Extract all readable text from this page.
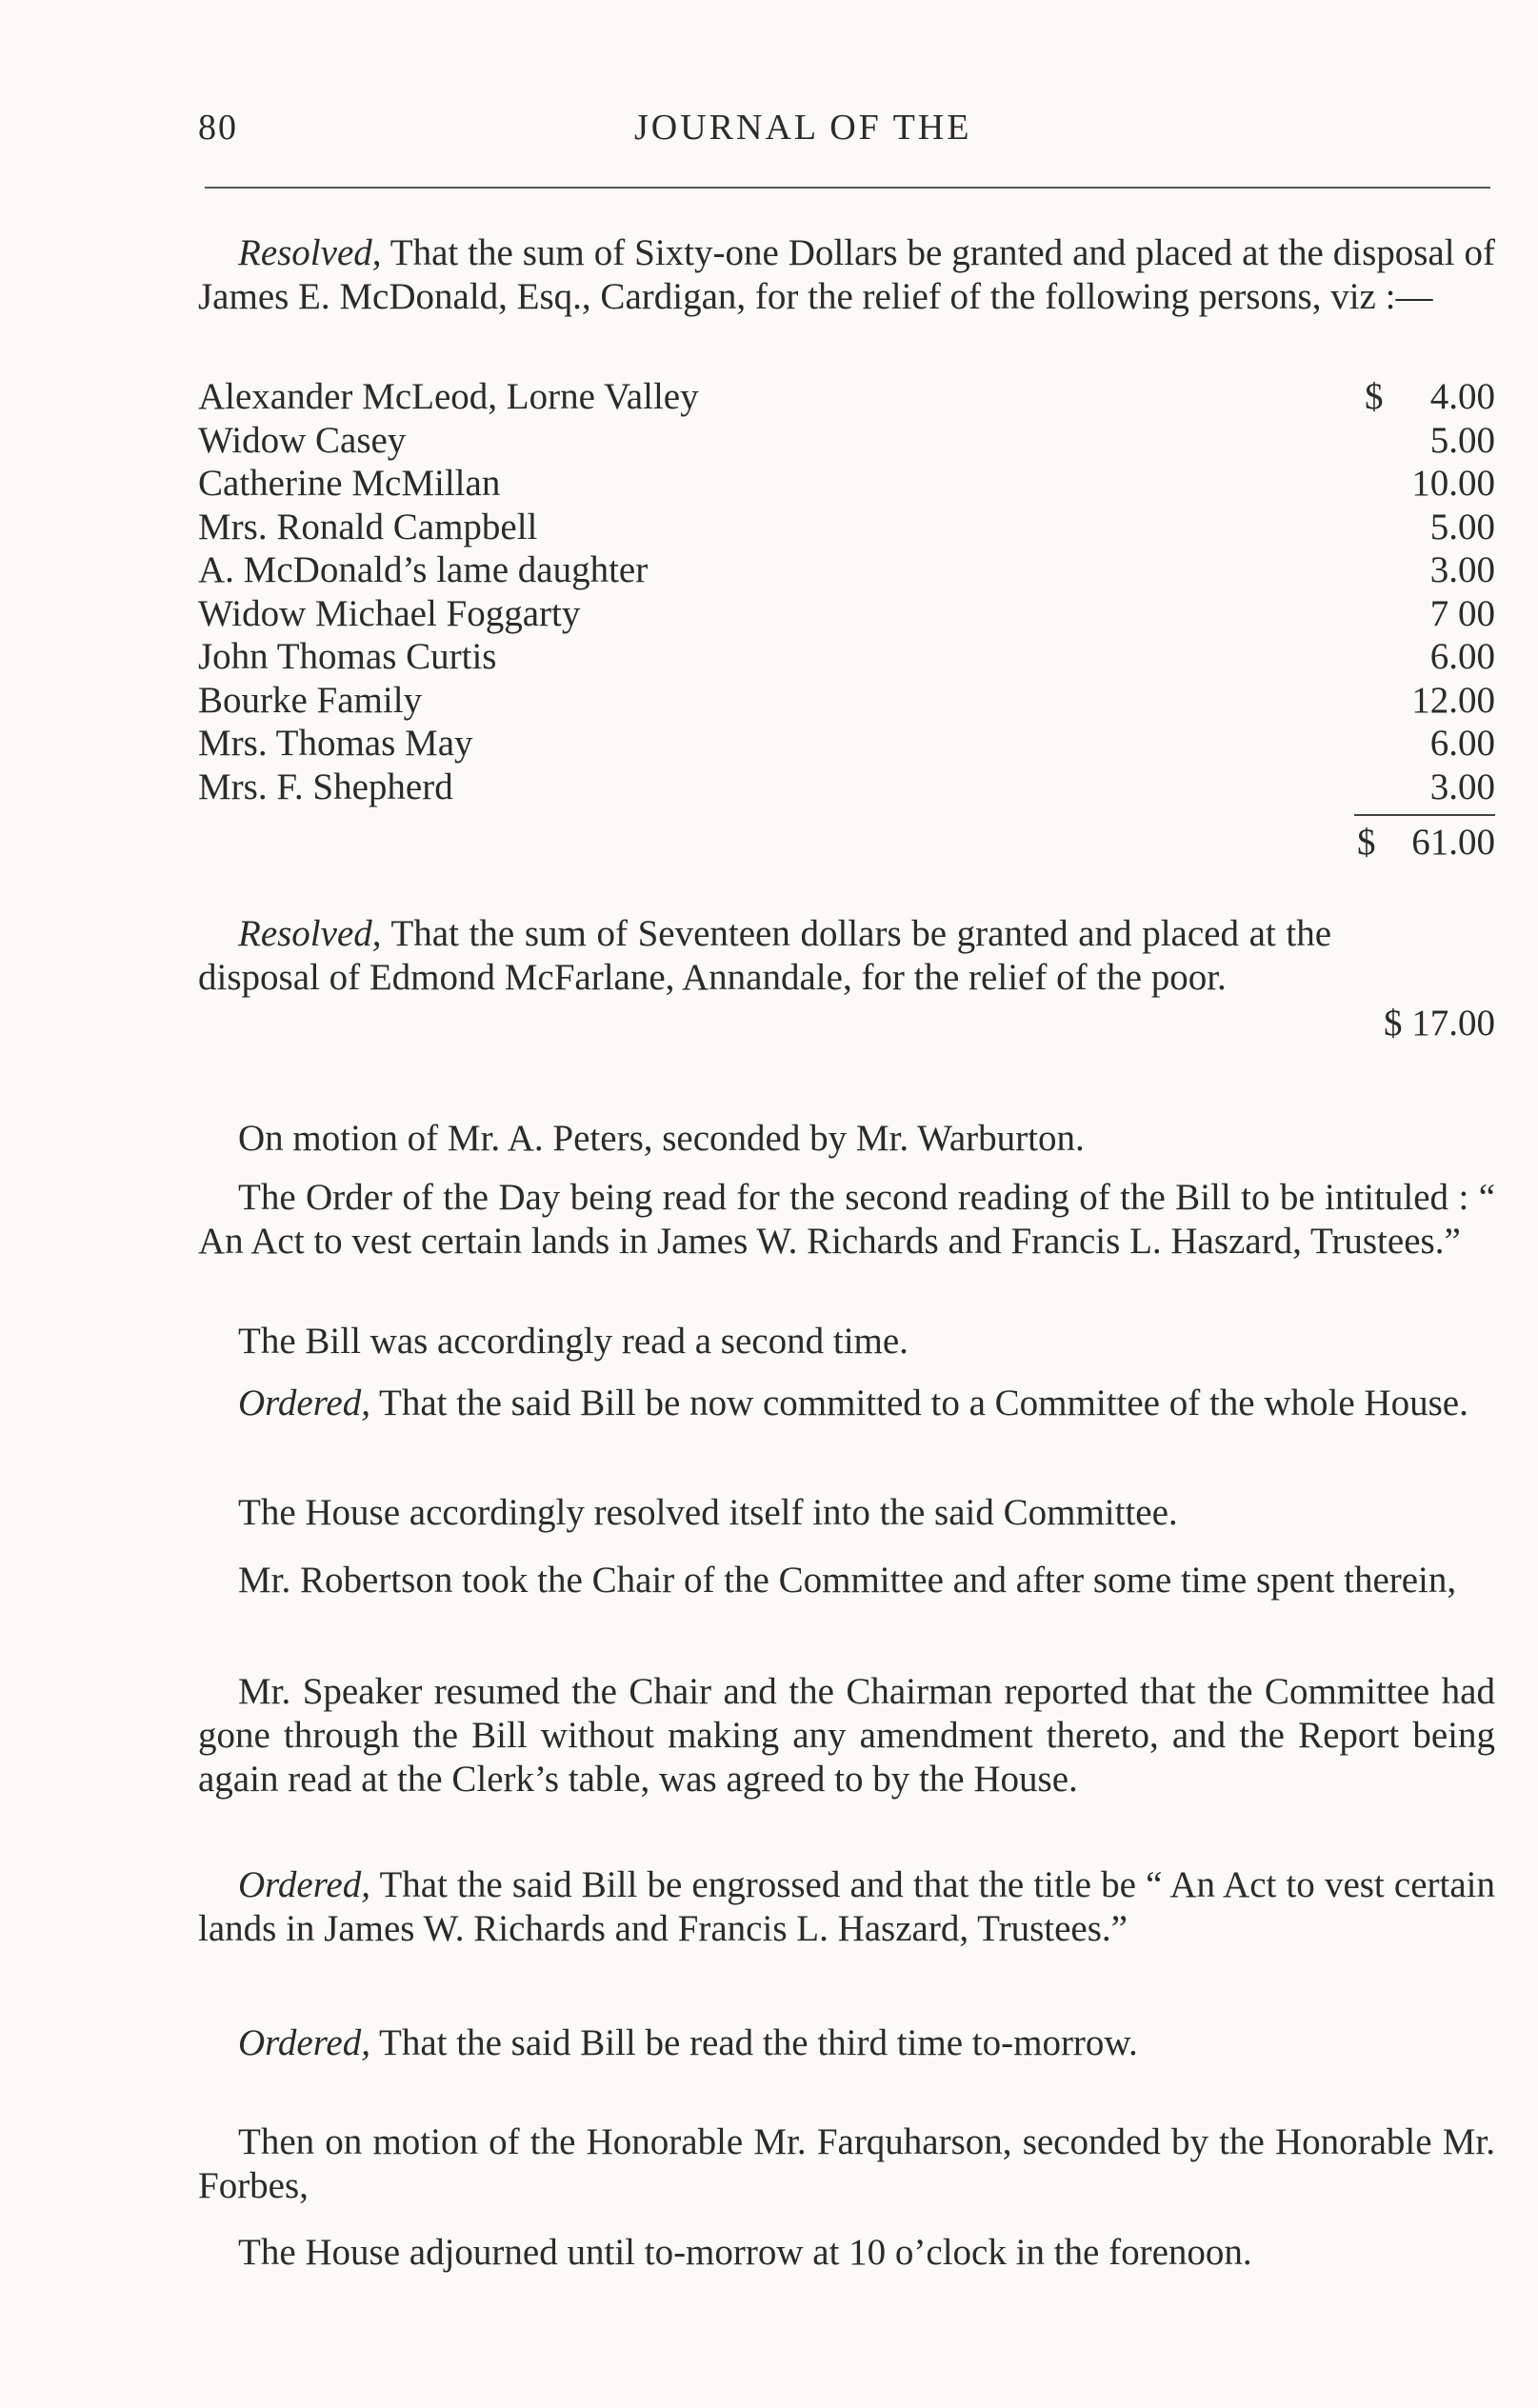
80	JOURNAL OF THE
Resolved, That the sum of Sixty-one Dollars be granted and placed at the disposal of James E. McDonald, Esq., Cardigan, for the relief of the following persons, viz :—
Alexander McLeod, Lorne Valley	$ 4.00
Widow Casey	5.00
Catherine McMillan	10.00
Mrs. Ronald Campbell	5.00
A. McDonald’s lame daughter	3.00
Widow Michael Foggarty	7 00
John Thomas Curtis	6.00
Bourke Family	12.00
Mrs. Thomas May	6.00
Mrs. F. Shepherd	3.00
$ 61.00
Resolved, That the sum of Seventeen dollars be granted and placed at the disposal of Edmond McFarlane, Annandale, for the relief of the poor.
$ 17.00
On motion of Mr. A. Peters, seconded by Mr. Warburton.
The Order of the Day being read for the second reading of the Bill to be intituled : “ An Act to vest certain lands in James W. Richards and Francis L. Haszard, Trustees.”
The Bill was accordingly read a second time.
Ordered, That the said Bill be now committed to a Committee of the whole House.
The House accordingly resolved itself into the said Committee.
Mr. Robertson took the Chair of the Committee and after some time spent therein,
Mr. Speaker resumed the Chair and the Chairman reported that the Committee had gone through the Bill without making any amendment thereto, and the Report being again read at the Clerk’s table, was agreed to by the House.
Ordered, That the said Bill be engrossed and that the title be “ An Act to vest certain lands in James W. Richards and Francis L. Haszard, Trustees.”
Ordered, That the said Bill be read the third time to-morrow.
Then on motion of the Honorable Mr. Farquharson, seconded by the Honorable Mr. Forbes,
The House adjourned until to-morrow at 10 o’clock in the forenoon.
